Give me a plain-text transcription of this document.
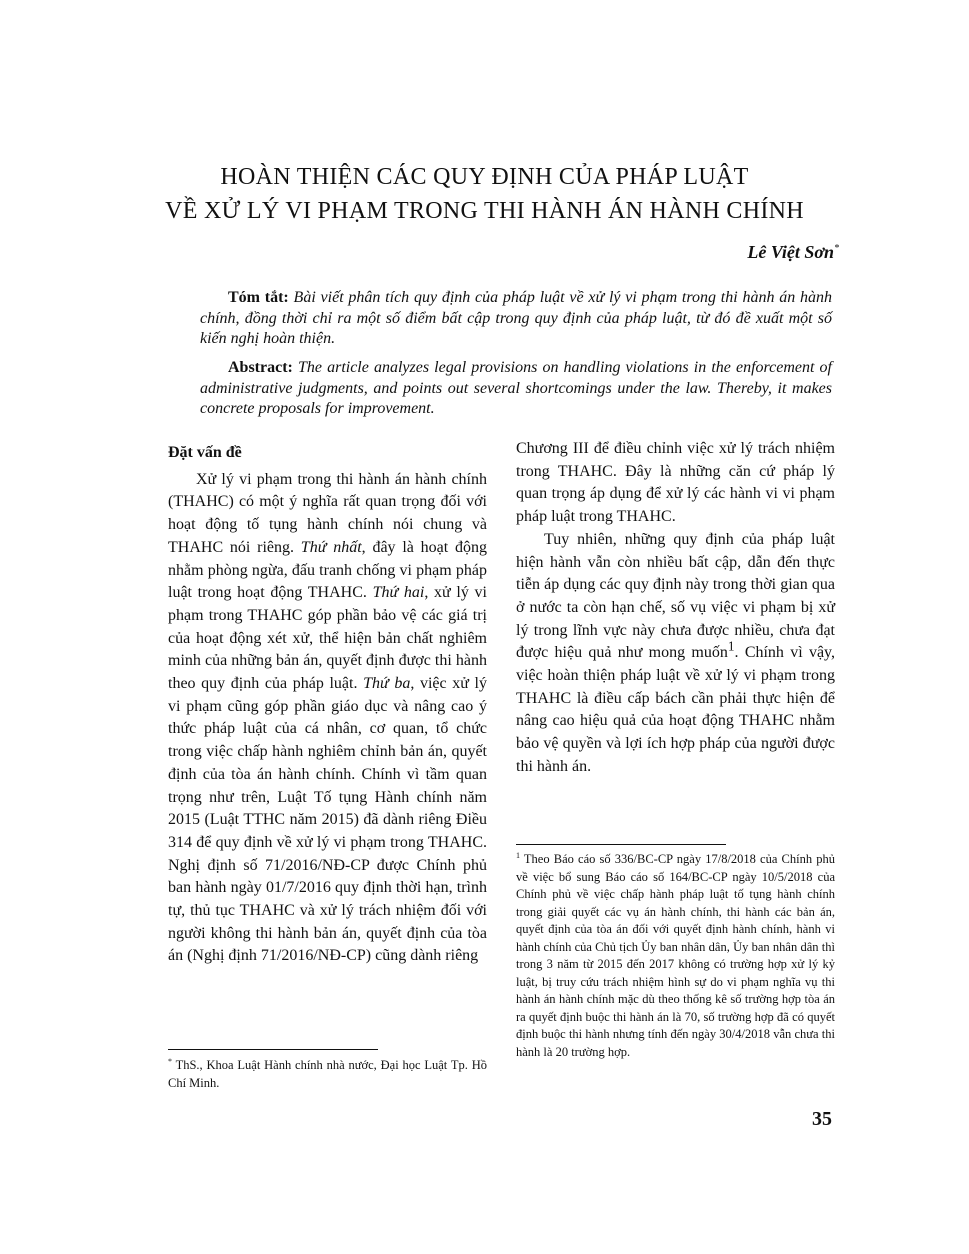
HOÀN THIỆN CÁC QUY ĐỊNH CỦA PHÁP LUẬT
VỀ XỬ LÝ VI PHẠM TRONG THI HÀNH ÁN HÀNH CHÍNH
Lê Việt Sơn*

Tóm tắt: Bài viết phân tích quy định của pháp luật về xử lý vi phạm trong thi hành án hành chính, đồng thời chỉ ra một số điểm bất cập trong quy định của pháp luật, từ đó đề xuất một số kiến nghị hoàn thiện.

Abstract: The article analyzes legal provisions on handling violations in the enforcement of administrative judgments, and points out several shortcomings under the law. Thereby, it makes concrete proposals for improvement.

Đặt vấn đề

Xử lý vi phạm trong thi hành án hành chính (THAHC) có một ý nghĩa rất quan trọng đối với hoạt động tố tụng hành chính nói chung và THAHC nói riêng. Thứ nhất, đây là hoạt động nhằm phòng ngừa, đấu tranh chống vi phạm pháp luật trong hoạt động THAHC. Thứ hai, xử lý vi phạm trong THAHC góp phần bảo vệ các giá trị của hoạt động xét xử, thể hiện bản chất nghiêm minh của những bản án, quyết định được thi hành theo quy định của pháp luật. Thứ ba, việc xử lý vi phạm cũng góp phần giáo dục và nâng cao ý thức pháp luật của cá nhân, cơ quan, tổ chức trong việc chấp hành nghiêm chỉnh bản án, quyết định của tòa án hành chính. Chính vì tầm quan trọng như trên, Luật Tố tụng Hành chính năm 2015 (Luật TTHC năm 2015) đã dành riêng Điều 314 để quy định về xử lý vi phạm trong THAHC. Nghị định số 71/2016/NĐ-CP được Chính phủ ban hành ngày 01/7/2016 quy định thời hạn, trình tự, thủ tục THAHC và xử lý trách nhiệm đối với người không thi hành bản án, quyết định của tòa án (Nghị định 71/2016/NĐ-CP) cũng dành riêng

Chương III để điều chỉnh việc xử lý trách nhiệm trong THAHC. Đây là những căn cứ pháp lý quan trọng áp dụng để xử lý các hành vi vi phạm pháp luật trong THAHC.

Tuy nhiên, những quy định của pháp luật hiện hành vẫn còn nhiều bất cập, dẫn đến thực tiễn áp dụng các quy định này trong thời gian qua ở nước ta còn hạn chế, số vụ việc vi phạm bị xử lý trong lĩnh vực này chưa được nhiều, chưa đạt được hiệu quả như mong muốn$^1$. Chính vì vậy, việc hoàn thiện pháp luật về xử lý vi phạm trong THAHC là điều cấp bách cần phải thực hiện để nâng cao hiệu quả của hoạt động THAHC nhằm bảo vệ quyền và lợi ích hợp pháp của người được thi hành án.

$^1$ Theo Báo cáo số 336/BC-CP ngày 17/8/2018 của Chính phủ về việc bổ sung Báo cáo số 164/BC-CP ngày 10/5/2018 của Chính phủ về việc chấp hành pháp luật tố tụng hành chính trong giải quyết các vụ án hành chính, thi hành các bản án, quyết định của tòa án đối với quyết định hành chính, hành vi hành chính của Chủ tịch Ủy ban nhân dân, Ủy ban nhân dân thì trong 3 năm từ 2015 đến 2017 không có trường hợp xử lý kỷ luật, bị truy cứu trách nhiệm hình sự do vi phạm nghĩa vụ thi hành án hành chính mặc dù theo thống kê số trường hợp tòa án ra quyết định buộc thi hành án là 70, số trường hợp đã có quyết định buộc thi hành nhưng tính đến ngày 30/4/2018 vẫn chưa thi hành là 20 trường hợp.
* ThS., Khoa Luật Hành chính nhà nước, Đại học Luật Tp. Hồ Chí Minh.
35
